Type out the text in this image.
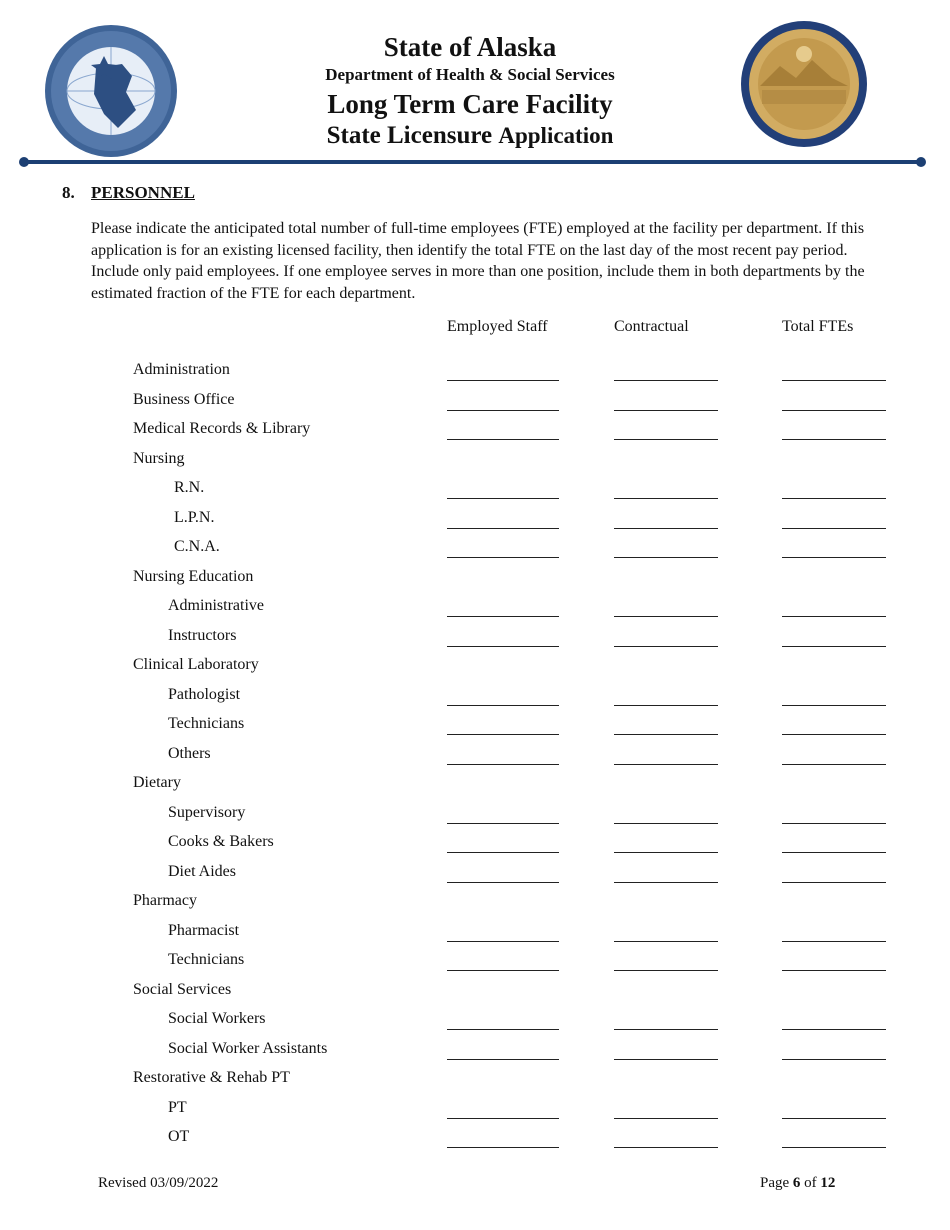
State of Alaska
Department of Health & Social Services
Long Term Care Facility
State Licensure Application
8. PERSONNEL
Please indicate the anticipated total number of full-time employees (FTE) employed at the facility per department. If this application is for an existing licensed facility, then identify the total FTE on the last day of the most recent pay period. Include only paid employees. If one employee serves in more than one position, include them in both departments by the estimated fraction of the FTE for each department.
Employed Staff	Contractual	Total FTEs
Administration
Business Office
Medical Records & Library
Nursing
R.N.
L.P.N.
C.N.A.
Nursing Education
Administrative
Instructors
Clinical Laboratory
Pathologist
Technicians
Others
Dietary
Supervisory
Cooks & Bakers
Diet Aides
Pharmacy
Pharmacist
Technicians
Social Services
Social Workers
Social Worker Assistants
Restorative & Rehab PT
PT
OT
Revised 03/09/2022	Page 6 of 12
